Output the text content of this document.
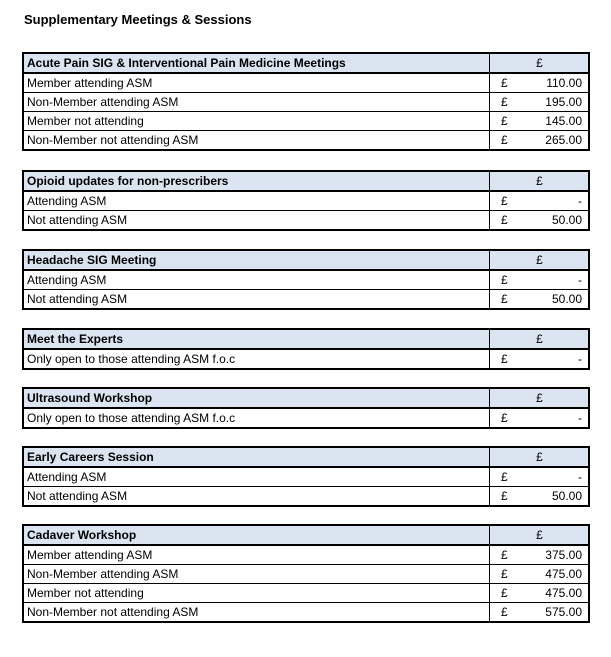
Supplementary Meetings & Sessions
Acute Pain SIG & Interventional Pain Medicine Meetings	£
Member attending ASM	£ 110.00

Non-Member attending ASM	£ 195.00

Member not attending	£ 145.00

Non-Member not attending ASM	£ 265.00
Opioid updates for non-prescribers	£
Attending ASM	£ -

Not attending ASM	£ 50.00
Headache SIG Meeting	£
Attending ASM	£ -

Not attending ASM	£ 50.00
Meet the Experts	£
Only open to those attending ASM f.o.c	£ -
Ultrasound Workshop	£
Only open to those attending ASM f.o.c	£ -
Early Careers Session	£
Attending ASM	£ -

Not attending ASM	£ 50.00
Cadaver Workshop	£
Member attending ASM	£ 375.00

Non-Member attending ASM	£ 475.00

Member not attending	£ 475.00

Non-Member not attending ASM	£ 575.00
